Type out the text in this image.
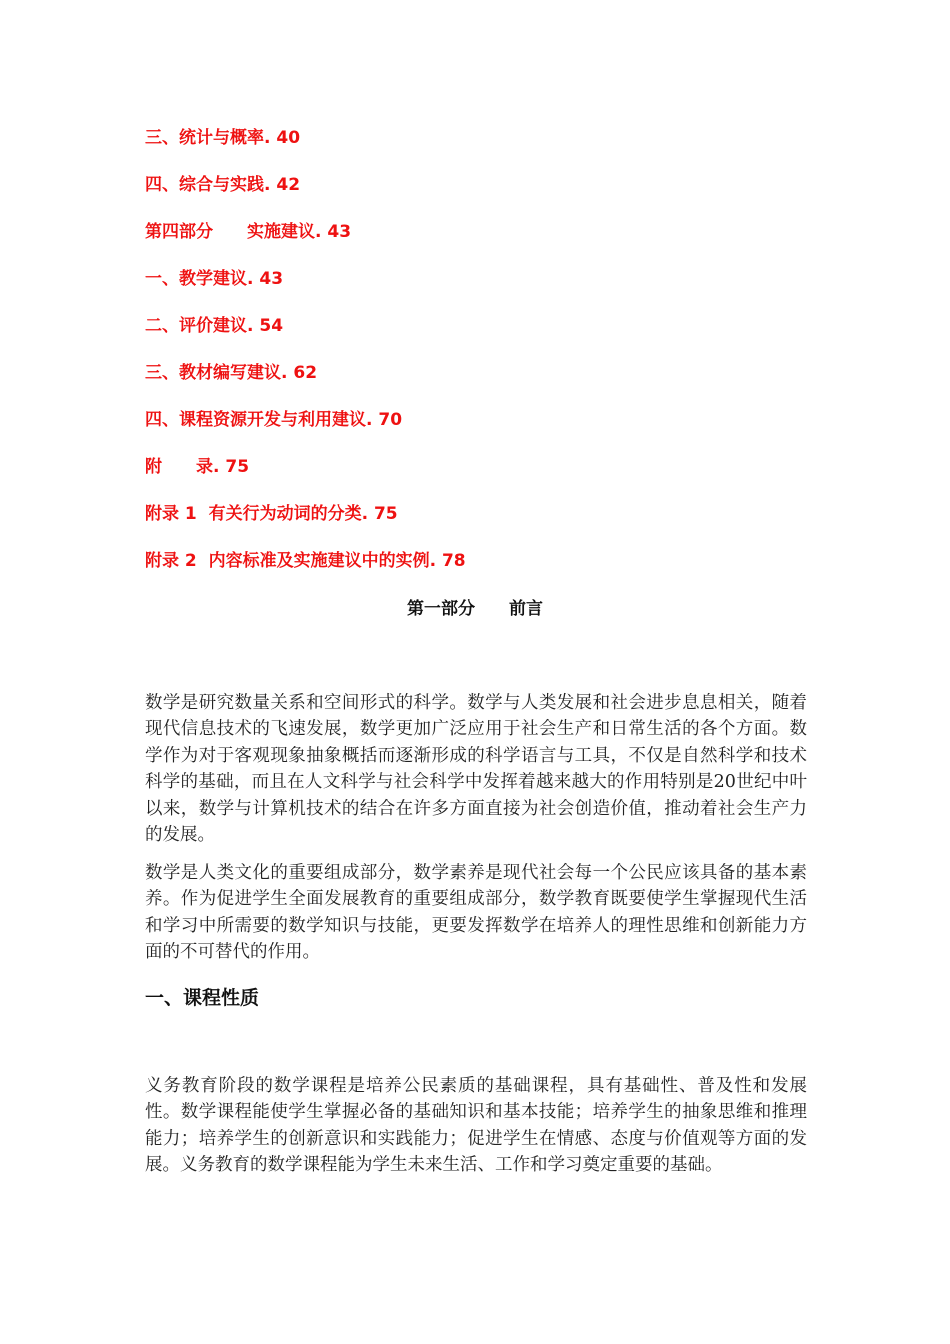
三、统计与概率. 40
四、综合与实践. 42
第四部分　　实施建议. 43
一、教学建议. 43
二、评价建议. 54
三、教材编写建议. 62
四、课程资源开发与利用建议. 70
附　　录. 75
附录 1  有关行为动词的分类. 75
附录 2  内容标准及实施建议中的实例. 78
第一部分　　前言
数学是研究数量关系和空间形式的科学。数学与人类发展和社会进步息息相关，随着现代信息技术的飞速发展，数学更加广泛应用于社会生产和日常生活的各个方面。数学作为对于客观现象抽象概括而逐渐形成的科学语言与工具，不仅是自然科学和技术科学的基础，而且在人文科学与社会科学中发挥着越来越大的作用特别是20世纪中叶以来，数学与计算机技术的结合在许多方面直接为社会创造价值，推动着社会生产力的发展。
数学是人类文化的重要组成部分，数学素养是现代社会每一个公民应该具备的基本素养。作为促进学生全面发展教育的重要组成部分，数学教育既要使学生掌握现代生活和学习中所需要的数学知识与技能，更要发挥数学在培养人的理性思维和创新能力方面的不可替代的作用。
一、课程性质
义务教育阶段的数学课程是培养公民素质的基础课程，具有基础性、普及性和发展性。数学课程能使学生掌握必备的基础知识和基本技能；培养学生的抽象思维和推理能力；培养学生的创新意识和实践能力；促进学生在情感、态度与价值观等方面的发展。义务教育的数学课程能为学生未来生活、工作和学习奠定重要的基础。
